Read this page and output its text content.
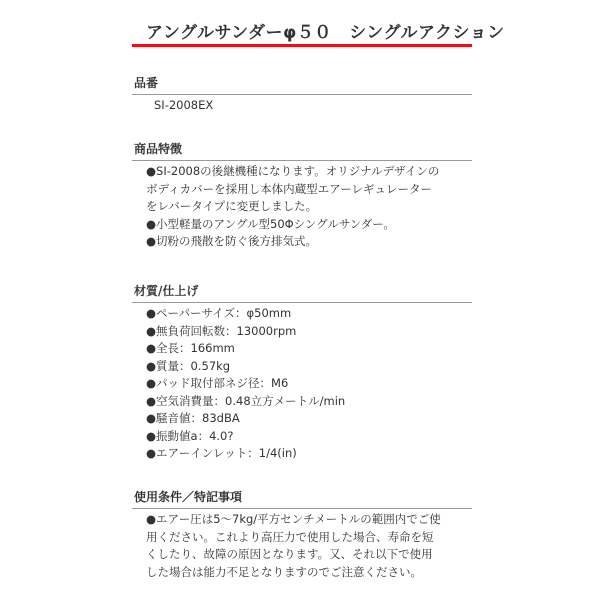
アングルサンダーφ５０　シングルアクション
品番
SI-2008EX
商品特徴
●SI-2008の後継機種になります。オリジナルデザインの
ボディカバーを採用し本体内蔵型エアーレギュレーター
をレバータイプに変更しました。
●小型軽量のアングル型50Φシングルサンダー。
●切粉の飛散を防ぐ後方排気式。
材質/仕上げ
●ペーパーサイズ：φ50mm
●無負荷回転数：13000rpm
●全長：166mm
●質量：0.57kg
●パッド取付部ネジ径：M6
●空気消費量：0.48立方メートル/min
●騒音値：83dBA
●振動値a：4.0?
●エアーインレット：1/4(in)
使用条件／特記事項
●エアー圧は5～7kg/平方センチメートルの範囲内でご使
用ください。これより高圧力で使用した場合、寿命を短
くしたり、故障の原因となります。又、それ以下で使用
した場合は能力不足となりますのでご注意ください。
